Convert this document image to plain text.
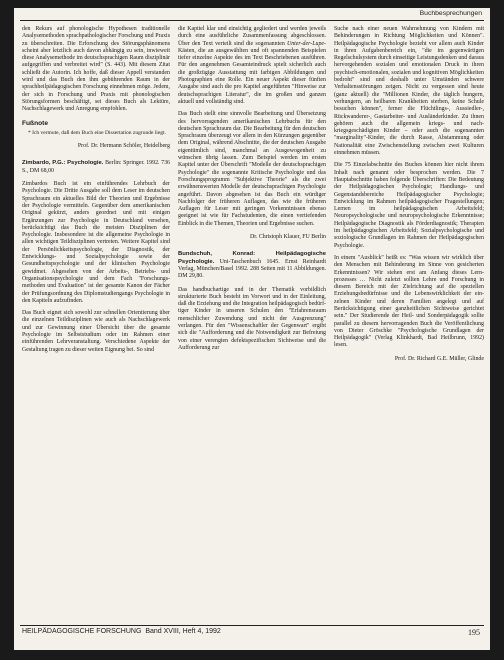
Buchbesprechungen

den Rekurs auf phonologische Hypothesen traditionelle Analysemethoden sprachpathologischer Forschung und Praxis zu überschreiten. Die Erforschung des Störungsphänomens scheint aber letztlich auch davon abhängig zu sein, inwieweit diese Analysemethode im deutschsprachigen Raum disziplinär aufgegriffen und verbreitet wird" (S. 443). Mit diesem Zitat schließt die Autorin. Ich hoffe, daß dieser Appell verstanden wird und das Buch den ihm gebührenden Raum in der sprachheilpädagogischen Forschung einnehmen möge. Jedem, der sich in Forschung und Praxis mit phonologischen Störungsformen beschäftigt, sei dieses Buch als Lektüre, Nachschlagewerk und Anregung empfohlen.

Fußnote

* Ich vermute, daß dem Buch eine Dissertation zugrunde liegt.

Prof. Dr. Hermann Schöler, Heidelberg

Zimbardo, P.G.: Psychologie. Berlin: Springer. 1992. 736 S., DM 68,00

Zimbardos Buch ist ein einführendes Lehrbuch der Psychologie. Die Dritte Ausgabe soll dem Leser im deutschen Sprachraum ein aktuelles Bild der Theorien und Ergebnisse der Psychologie vermitteln. Gegenüber dem amerikanischen Original gekürzt, anders geordnet und mit einigen Ergänzungen zur Psychologie in Deutschland versehen, berücksichtigt das Buch die meisten Disziplinen der Psychologie. Insbesondere ist die allgemeine Psychologie in allen wichtigen Teildisziplinen vertreten. Weitere Kapitel sind der Persönlichkeitspsychologie, der Diagnostik, der Entwicklungs- und Sozialpsychologie sowie der Gesundheitspsychologie und der klinischen Psychologie gewidmet. Abgesehen von der Arbeits-, Betriebs- und Organisationspsychologie und dem Fach "Forschungsmethoden und Evaluation" ist der gesamte Kanon der Fächer der Prüfungsordnung des Diplomstudiengangs Psychologie in den Kapiteln aufzufinden.

Das Buch eignet sich sowohl zur schnellen Orientierung über die einzelnen Teildisziplinen wie auch als Nachschlagewerk und zur Gewinnung einer Übersicht über die gesamte Psychologie im Selbststudium oder im Rahmen einer einführenden Lehrveranstaltung. Verschiedene Aspekte der Gestaltung tragen zu dieser weiten Eignung bei. So sind

die Kapitel klar und einsichtig gegliedert und werden jeweils durch eine ausführliche Zusammenfassung abgeschlossen. Über den Text verteilt sind die sogenannten Unter-der-Lupe-Kästen, die an ausgewählten und oft spannenden Beispielen tiefer einzelne Aspekte des im Text Beschriebenen ausführen. Für den angenehmen Gesamteindruck spielt sicherlich auch die großzügige Ausstattung mit farbigen Abbildungen und Photographien eine Rolle. Ein neuer Aspekt dieser fünften Ausgabe sind auch die pro Kapitel angeführten "Hinweise zur deutschsprachigen Literatur", die im großen und ganzen aktuell und vollständig sind.

Das Buch stellt eine sinnvolle Bearbeitung und Übersetzung des hervorragenden amerikanischen Lehrbuchs für den deutschen Sprachraum dar. Die Bearbeitung für den deutschen Sprachraum überzeugt vor allem in den Kürzungen gegenüber dem Original, während Abschnitte, die der deutschen Ausgabe eigentümlich sind, manchmal an Ausgewogenheit zu wünschen übrig lassen. Zum Beispiel werden im ersten Kapitel unter der Überschrift "Modelle der deutschsprachigen Psychologie" die sogenannte Kritische Psychologie und das Forschungsprogramm "Subjektive Theorie" als die zwei erwähnenswerten Modelle der deutschsprachigen Psychologie angeführt. Davon abgesehen ist das Buch ein würdiger Nachfolger der früheren Auflagen, das wie die früheren Auflagen für Leser mit geringen Vorkenntnissen ebenso geeignet ist wie für Fachstudenten, die einen vertiefenden Einblick in die Themen, Theorien und Ergebnisse suchen.

Dr. Christoph Klauer, FU Berlin

Bundschuh, Konrad: Heilpädagogische Psychologie. Uni-Taschenbuch 1645. Ernst Reinhardt Verlag, München/Basel 1992. 288 Seiten mit 11 Abbildungen. DM 29,80.

Das handbuchartige und in der Thematik vorbildlich strukturierte Buch besteht im Vorwort und in der Einleitung, daß die Erziehung und die Integration heilpädagogisch bedürftiger Kinder in unseren Schulen den "Erfahrensraum menschlicher Zuwendung und nicht der Ausgrenzung" verlangen. Für den "Wissenschaftler der Gegenwart" ergibt sich die "Aufforderung und die Notwendigkeit zur Befreiung von einer verengten defektspezifischen Sichtweise und die Aufforderung zur

Suche nach einer neuen Wahrnehmung von Kindern mit Behinderungen in Richtung Möglichkeiten und Können". Heilpädagogische Psychologie bezieht vor allem auch Kinder in ihren Aufgabenbereich ein, "die im gegenwärtigen Regelschulsystem durch einseitige Leistungsdenken und daraus hervorgehenden sozialen und emotionalen Druck in ihren psychisch-emotionalen, sozialen und kognitiven Möglichkeiten bedroht" sind und deshalb unter Umständen schwere Verhaltensstörungen zeigen. Nicht zu vergessen sind heute (ganz aktuell) die "Millionen Kinder, die täglich hungern, verhungern, an heilbaren Krankheiten sterben, keine Schule besuchen können", ferner die Flüchtlings-, Aussiedler-, Rückwanderer-, Gastarbeiter- und Ausländerkinder. Zu ihnen gehören auch die allgemein kriegs- und nachkriegsgeschädigten Kinder – oder auch die sogenannten "marginality"-Kinder, die durch Rasse, Abstammung oder Nationalität eine Zwischenstellung zwischen zwei Kulturen einnehmen müssen.

Die 75 Einzelabschnitte des Buches können hier nicht ihrem Inhalt nach genannt oder besprochen werden. Die 7 Hauptabschnitte haben folgende Überschriften: Die Bedeutung der Heilpädagogischen Psychologie; Handlungs- und Gegenstandsbereiche Heilpädagogischer Psychologie; Entwicklung im Rahmen heilpädagogischer Fragestellungen; Lernen im heilpädagogischen Arbeitsfeld; Neuropsychologische und neuropsychologische Erkenntnisse; Heilpädagogische Diagnostik als Förderdiagnostik; Therapien im heilpädagogischen Arbeitsfeld; Sozialpsychologische und soziologische Grundlagen im Rahmen der Heilpädagogischen Psychologie.

In einem "Ausblick" heißt es: "Was wissen wir wirklich über den Menschen mit Behinderung im Sinne von gesicherten Erkenntnissen? Wir stehen erst am Anfang dieses Lernprozesses … Nicht zuletzt sollten Lehre und Forschung in diesem Bereich mit der Zielrichtung auf die speziellen Erziehungsbedürfnisse und die Lebenswirklichkeit der einzelnen Kinder und deren Familien angelegt und auf Berücksichtigung einer ganzheitlichen Sichtweise gerichtet sein." Der Studierende der Heil- und Sonderpädagogik sollte parallel zu diesem hervorragenden Buch die Veröffentlichung von Dieter Gröschke "Psychologische Grundlagen der Heilpädagogik" (Verlag Klinkhardt, Bad Heilbrunn, 1992) lesen.

Prof. Dr. Richard G.E. Müller, Glinde

HEILPÄDAGOGISCHE FORSCHUNG Band XVIII, Heft 4, 1992	195
